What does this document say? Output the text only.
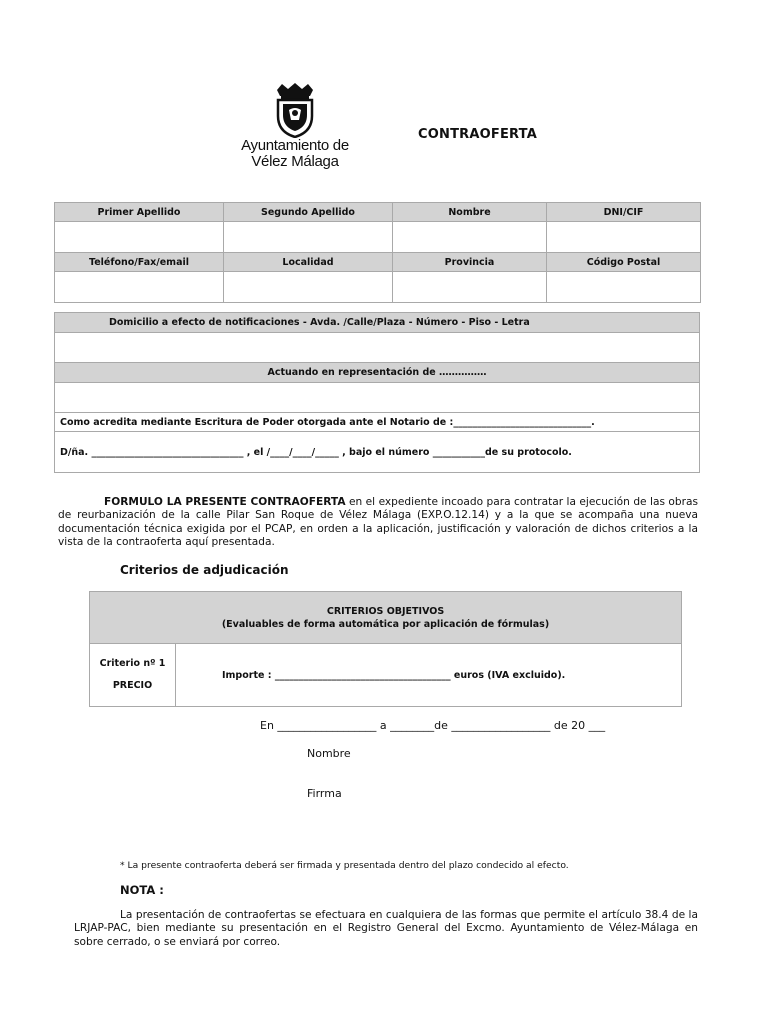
Ayuntamiento de
Vélez Málaga
CONTRAOFERTA
Primer Apellido	Segundo Apellido	Nombre	DNI/CIF

Teléfono/Fax/email	Localidad	Provincia	Código Postal

Domicilio a efecto de notificaciones - Avda. /Calle/Plaza - Número - Piso - Letra

Actuando en representación de ……………

Como acredita mediante Escritura de Poder otorgada ante el Notario de :_____________________________.
D/ña. ________________________________ , el /____/____/_____ , bajo el número ___________de su protocolo.
FORMULO LA PRESENTE CONTRAOFERTA en el expediente incoado para contratar la ejecución de las obras de reurbanización de la calle Pilar San Roque de Vélez Málaga (EXP.O.12.14) y a la que se acompaña una nueva documentación técnica exigida por el PCAP, en orden a la aplicación, justificación y valoración de dichos criterios a la vista de la contraoferta aquí presentada.
Criterios de adjudicación
CRITERIOS OBJETIVOS
(Evaluables de forma automática por aplicación de fórmulas)

Criterio nº 1
PRECIO
	Importe : _____________________________________ euros (IVA excluido).
En __________________ a ________de __________________ de 20 ___
Nombre
Firrma
* La presente contraoferta deberá ser firmada y presentada dentro del plazo condecido al efecto.
NOTA :
La presentación de contraofertas se efectuara en cualquiera de las formas que permite el artículo 38.4 de la LRJAP-PAC, bien mediante su presentación en el Registro General del Excmo. Ayuntamiento de Vélez-Málaga en sobre cerrado, o se enviará por correo.
